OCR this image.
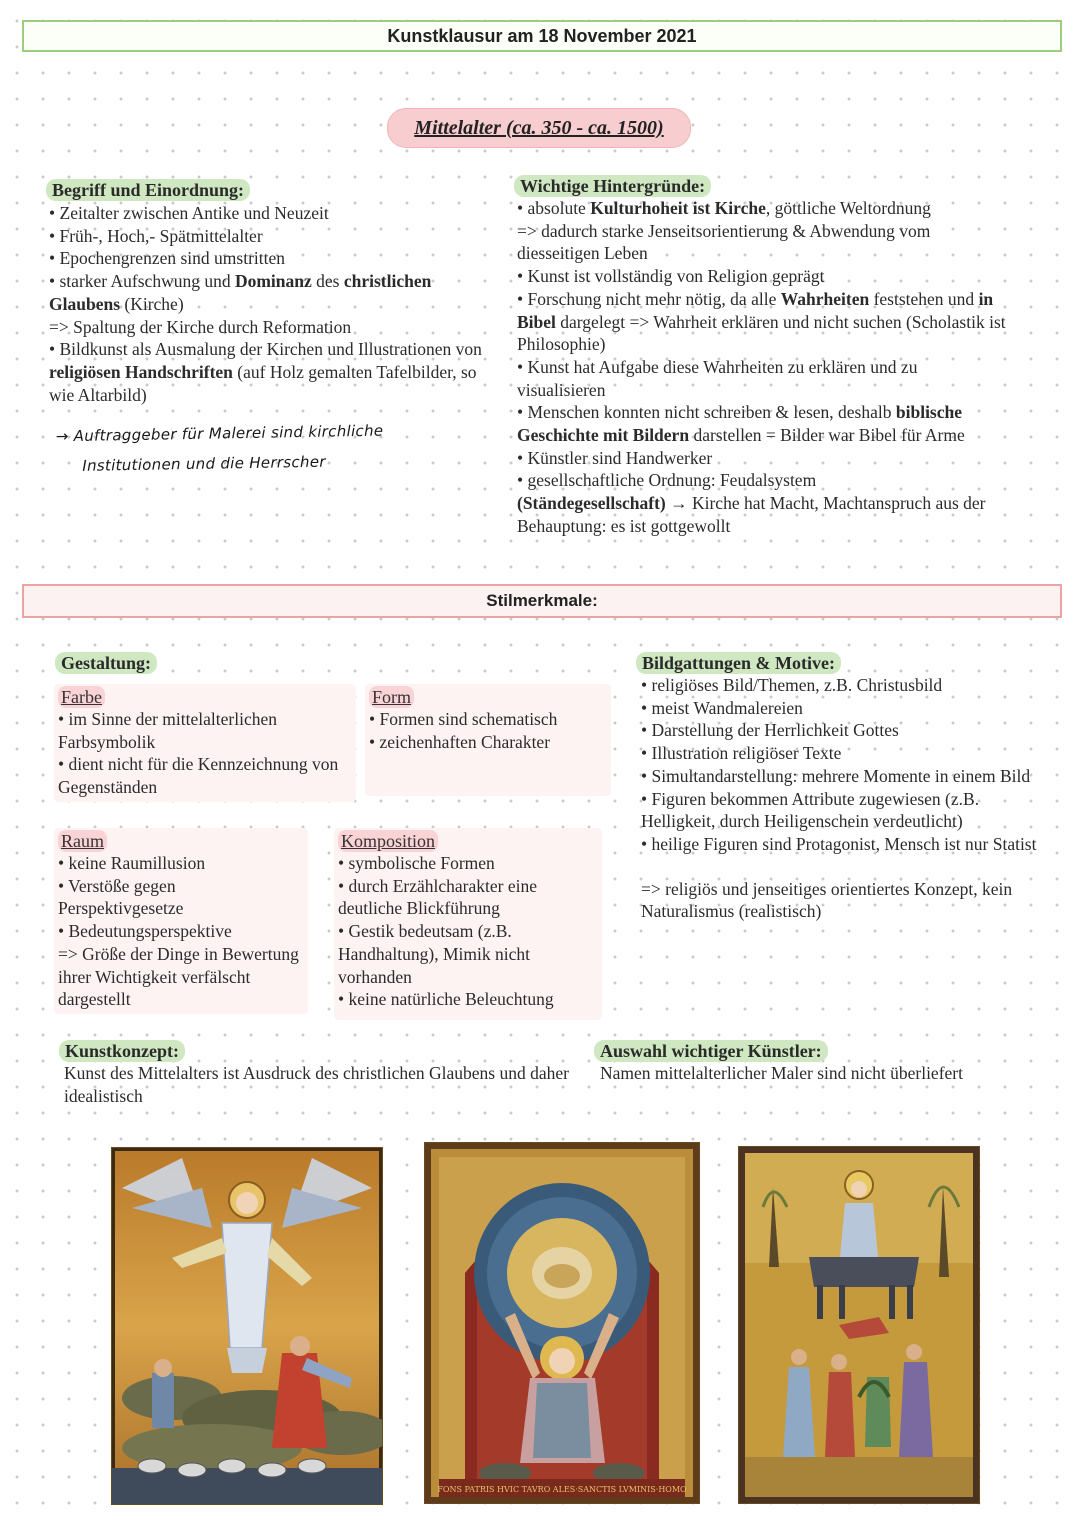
Kunstklausur am 18 November 2021
Mittelalter (ca. 350 - ca. 1500)
Begriff und Einordnung:

• Zeitalter zwischen Antike und Neuzeit

• Früh-, Hoch,- Spätmittelalter

• Epochengrenzen sind umstritten

• starker Aufschwung und Dominanz des christlichen Glaubens (Kirche)

=> Spaltung der Kirche durch Reformation

• Bildkunst als Ausmalung der Kirchen und Illustrationen von religiösen Handschriften (auf Holz gemalten Tafelbilder, so wie Altarbild)

→ Auftraggeber für Malerei sind kirchliche
Institutionen und die Herrscher
Wichtige Hintergründe:

• absolute Kulturhoheit ist Kirche, göttliche Weltordnung

=> dadurch starke Jenseitsorientierung & Abwendung vom diesseitigen Leben

• Kunst ist vollständig von Religion geprägt

• Forschung nicht mehr nötig, da alle Wahrheiten feststehen und in Bibel dargelegt => Wahrheit erklären und nicht suchen (Scholastik ist Philosophie)

• Kunst hat Aufgabe diese Wahrheiten zu erklären und zu visualisieren

• Menschen konnten nicht schreiben & lesen, deshalb biblische Geschichte mit Bildern darstellen = Bilder war Bibel für Arme

• Künstler sind Handwerker

• gesellschaftliche Ordnung: Feudalsystem

(Ständegesellschaft) → Kirche hat Macht, Machtanspruch aus der Behauptung: es ist gottgewollt

Stilmerkmale:
Gestaltung:
Farbe

• im Sinne der mittelalterlichen Farbsymbolik

• dient nicht für die Kennzeichnung von Gegenständen

Form

• Formen sind schematisch

• zeichenhaften Charakter

Raum

• keine Raumillusion

• Verstöße gegen Perspektivgesetze

• Bedeutungsperspektive

=> Größe der Dinge in Bewertung ihrer Wichtigkeit verfälscht dargestellt

Komposition

• symbolische Formen

• durch Erzählcharakter eine deutliche Blickführung

• Gestik bedeutsam (z.B. Handhaltung), Mimik nicht vorhanden

• keine natürliche Beleuchtung

Bildgattungen & Motive:

• religiöses Bild/Themen, z.B. Christusbild

• meist Wandmalereien

• Darstellung der Herrlichkeit Gottes

• Illustration religiöser Texte

• Simultandarstellung: mehrere Momente in einem Bild

• Figuren bekommen Attribute zugewiesen (z.B. Helligkeit, durch Heiligenschein verdeutlicht)

• heilige Figuren sind Protagonist, Mensch ist nur Statist

=> religiös und jenseitiges orientiertes Konzept, kein Naturalismus (realistisch)

Kunstkonzept:

Kunst des Mittelalters ist Ausdruck des christlichen Glaubens und daher idealistisch

Auswahl wichtiger Künstler:

Namen mittelalterlicher Maler sind nicht überliefert

FONS PATRIS HVIC TAVRO ALES·SANCTIS LVMINIS·HOMO
